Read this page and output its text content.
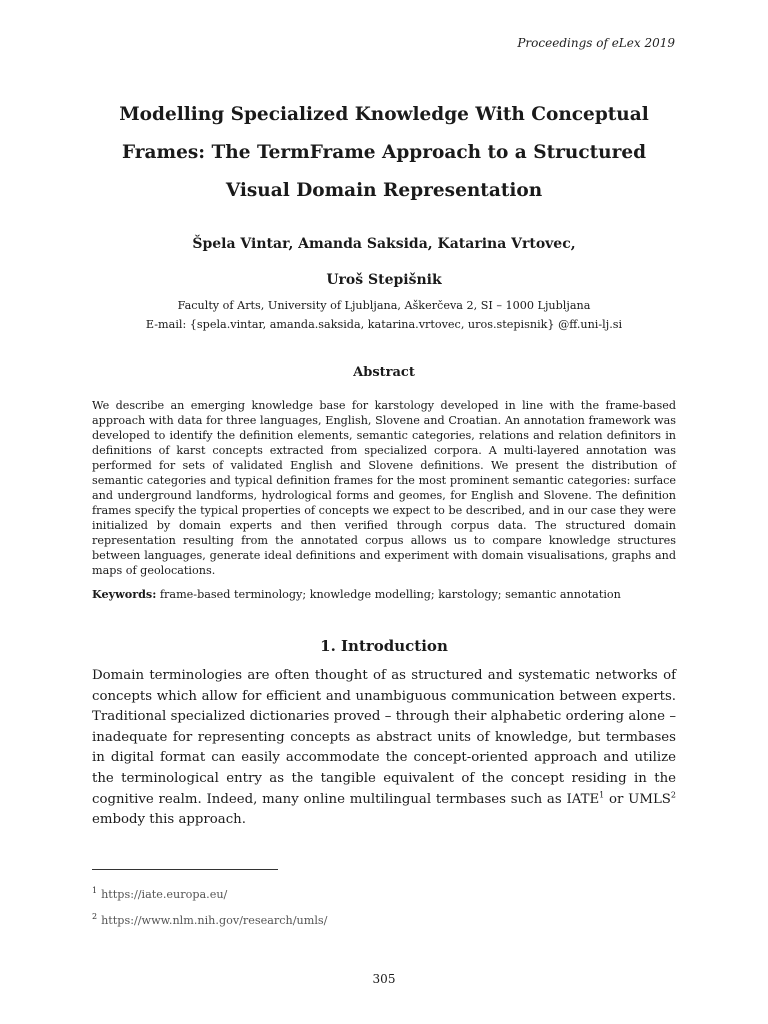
Proceedings of eLex 2019
Modelling Specialized Knowledge With Conceptual
Frames: The TermFrame Approach to a Structured
Visual Domain Representation
Špela Vintar, Amanda Saksida, Katarina Vrtovec,
Uroš Stepišnik
Faculty of Arts, University of Ljubljana, Aškerčeva 2, SI – 1000 Ljubljana
E-mail: {spela.vintar, amanda.saksida, katarina.vrtovec, uros.stepisnik} @ff.uni-lj.si
Abstract
We describe an emerging knowledge base for karstology developed in line with the frame-based approach with data for three languages, English, Slovene and Croatian. An annotation framework was developed to identify the definition elements, semantic categories, relations and relation definitors in definitions of karst concepts extracted from specialized corpora. A multi-layered annotation was performed for sets of validated English and Slovene definitions. We present the distribution of semantic categories and typical definition frames for the most prominent semantic categories: surface and underground landforms, hydrological forms and geomes, for English and Slovene. The definition frames specify the typical properties of concepts we expect to be described, and in our case they were initialized by domain experts and then verified through corpus data. The structured domain representation resulting from the annotated corpus allows us to compare knowledge structures between languages, generate ideal definitions and experiment with domain visualisations, graphs and maps of geolocations.
Keywords: frame-based terminology; knowledge modelling; karstology; semantic annotation
1. Introduction
Domain terminologies are often thought of as structured and systematic networks of concepts which allow for efficient and unambiguous communication between experts. Traditional specialized dictionaries proved – through their alphabetic ordering alone – inadequate for representing concepts as abstract units of knowledge, but termbases in digital format can easily accommodate the concept-oriented approach and utilize the terminological entry as the tangible equivalent of the concept residing in the cognitive realm. Indeed, many online multilingual termbases such as IATE$^1$ or UMLS$^2$ embody this approach.
$^1$ https://iate.europa.eu/
$^2$ https://www.nlm.nih.gov/research/umls/
305
